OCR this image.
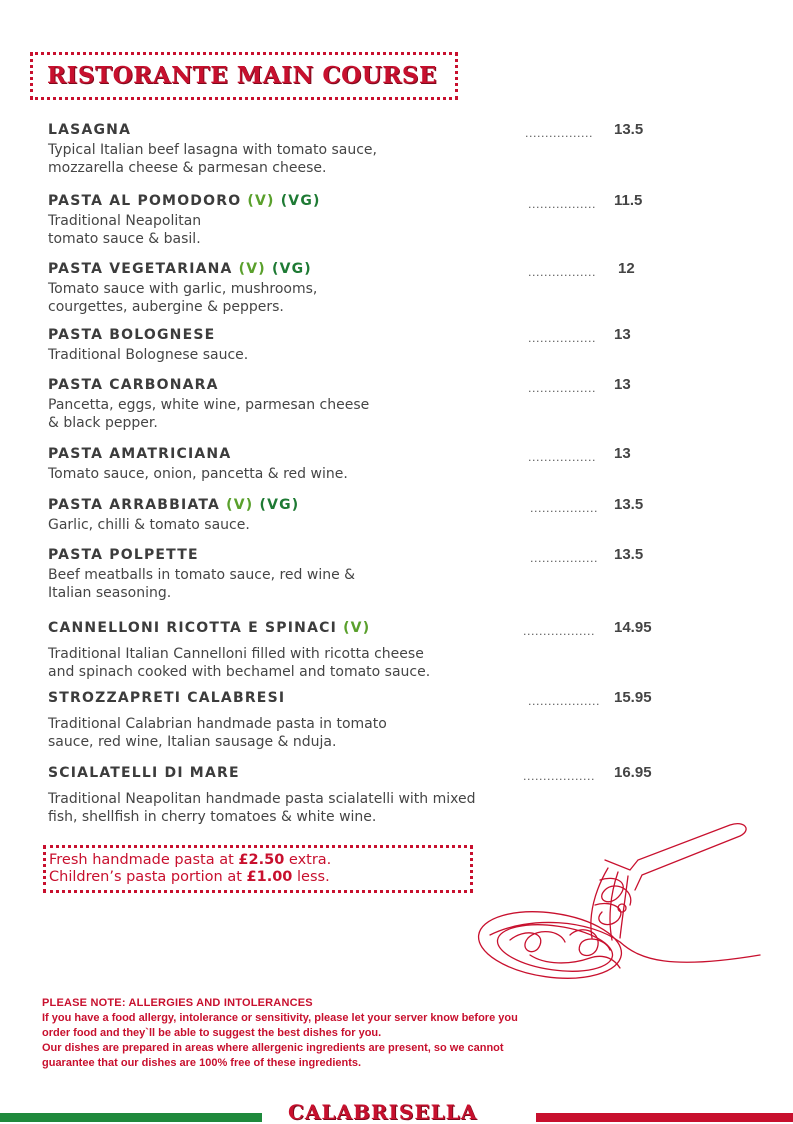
RISTORANTE MAIN COURSE
LASAGNA
Typical Italian beef lasagna with tomato sauce,
mozzarella cheese & parmesan cheese.
................. 13.5
PASTA AL POMODORO (V) (VG)
Traditional Neapolitan
tomato sauce & basil.
................. 11.5
PASTA VEGETARIANA (V) (VG)
Tomato sauce with garlic, mushrooms,
courgettes, aubergine & peppers.
................. 12
PASTA BOLOGNESE
Traditional Bolognese sauce.
................. 13
PASTA CARBONARA
Pancetta, eggs, white wine, parmesan cheese
& black pepper.
................. 13
PASTA AMATRICIANA
Tomato sauce, onion, pancetta & red wine.
................. 13
PASTA ARRABBIATA (V) (VG)
Garlic, chilli & tomato sauce.
................. 13.5
PASTA POLPETTE
Beef meatballs in tomato sauce, red wine &
Italian seasoning.
................. 13.5
CANNELLONI RICOTTA E SPINACI (V)
Traditional Italian Cannelloni filled with ricotta cheese
and spinach cooked with bechamel and tomato sauce.
.................. 14.95
STROZZAPRETI CALABRESI
Traditional Calabrian handmade pasta in tomato
sauce, red wine, Italian sausage & nduja.
.................. 15.95
SCIALATELLI DI MARE
Traditional Neapolitan handmade pasta scialatelli with mixed
fish, shellfish in cherry tomatoes & white wine.
.................. 16.95
Fresh handmade pasta at £2.50 extra.
Children’s pasta portion at £1.00 less.
PLEASE NOTE: ALLERGIES AND INTOLERANCES
If you have a food allergy, intolerance or sensitivity, please let your server know before you
order food and they`ll be able to suggest the best dishes for you.
Our dishes are prepared in areas where allergenic ingredients are present, so we cannot
guarantee that our dishes are 100% free of these ingredients.
CALABRISELLA
